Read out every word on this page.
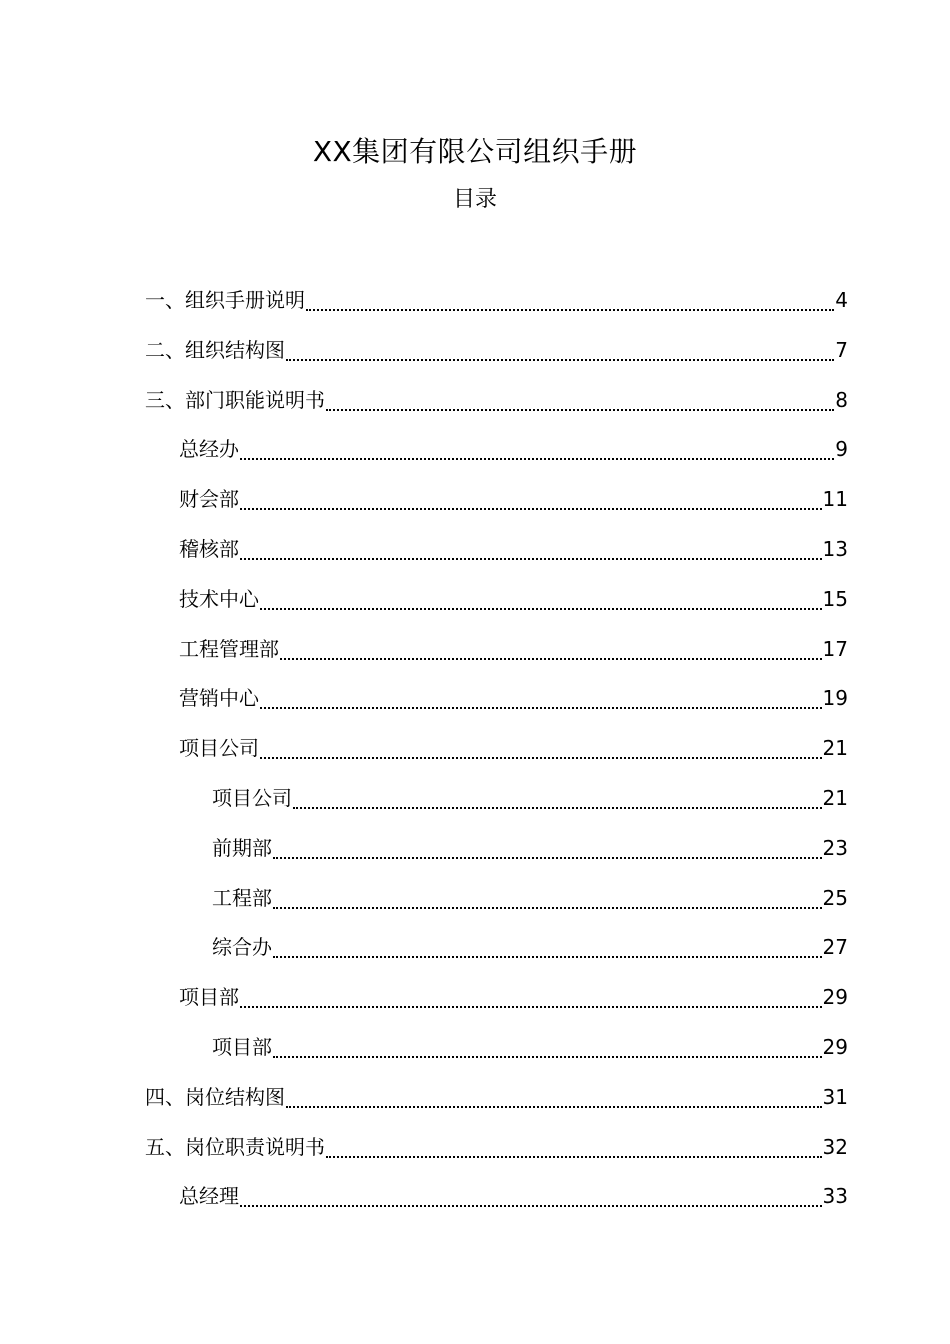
XX集团有限公司组织手册
目录
一、组织手册说明	4
二、组织结构图	7
三、部门职能说明书	8
总经办	9
财会部	11
稽核部	13
技术中心	15
工程管理部	17
营销中心	19
项目公司	21
项目公司	21
前期部	23
工程部	25
综合办	27
项目部	29
项目部	29
四、岗位结构图	31
五、岗位职责说明书	32
总经理	33
